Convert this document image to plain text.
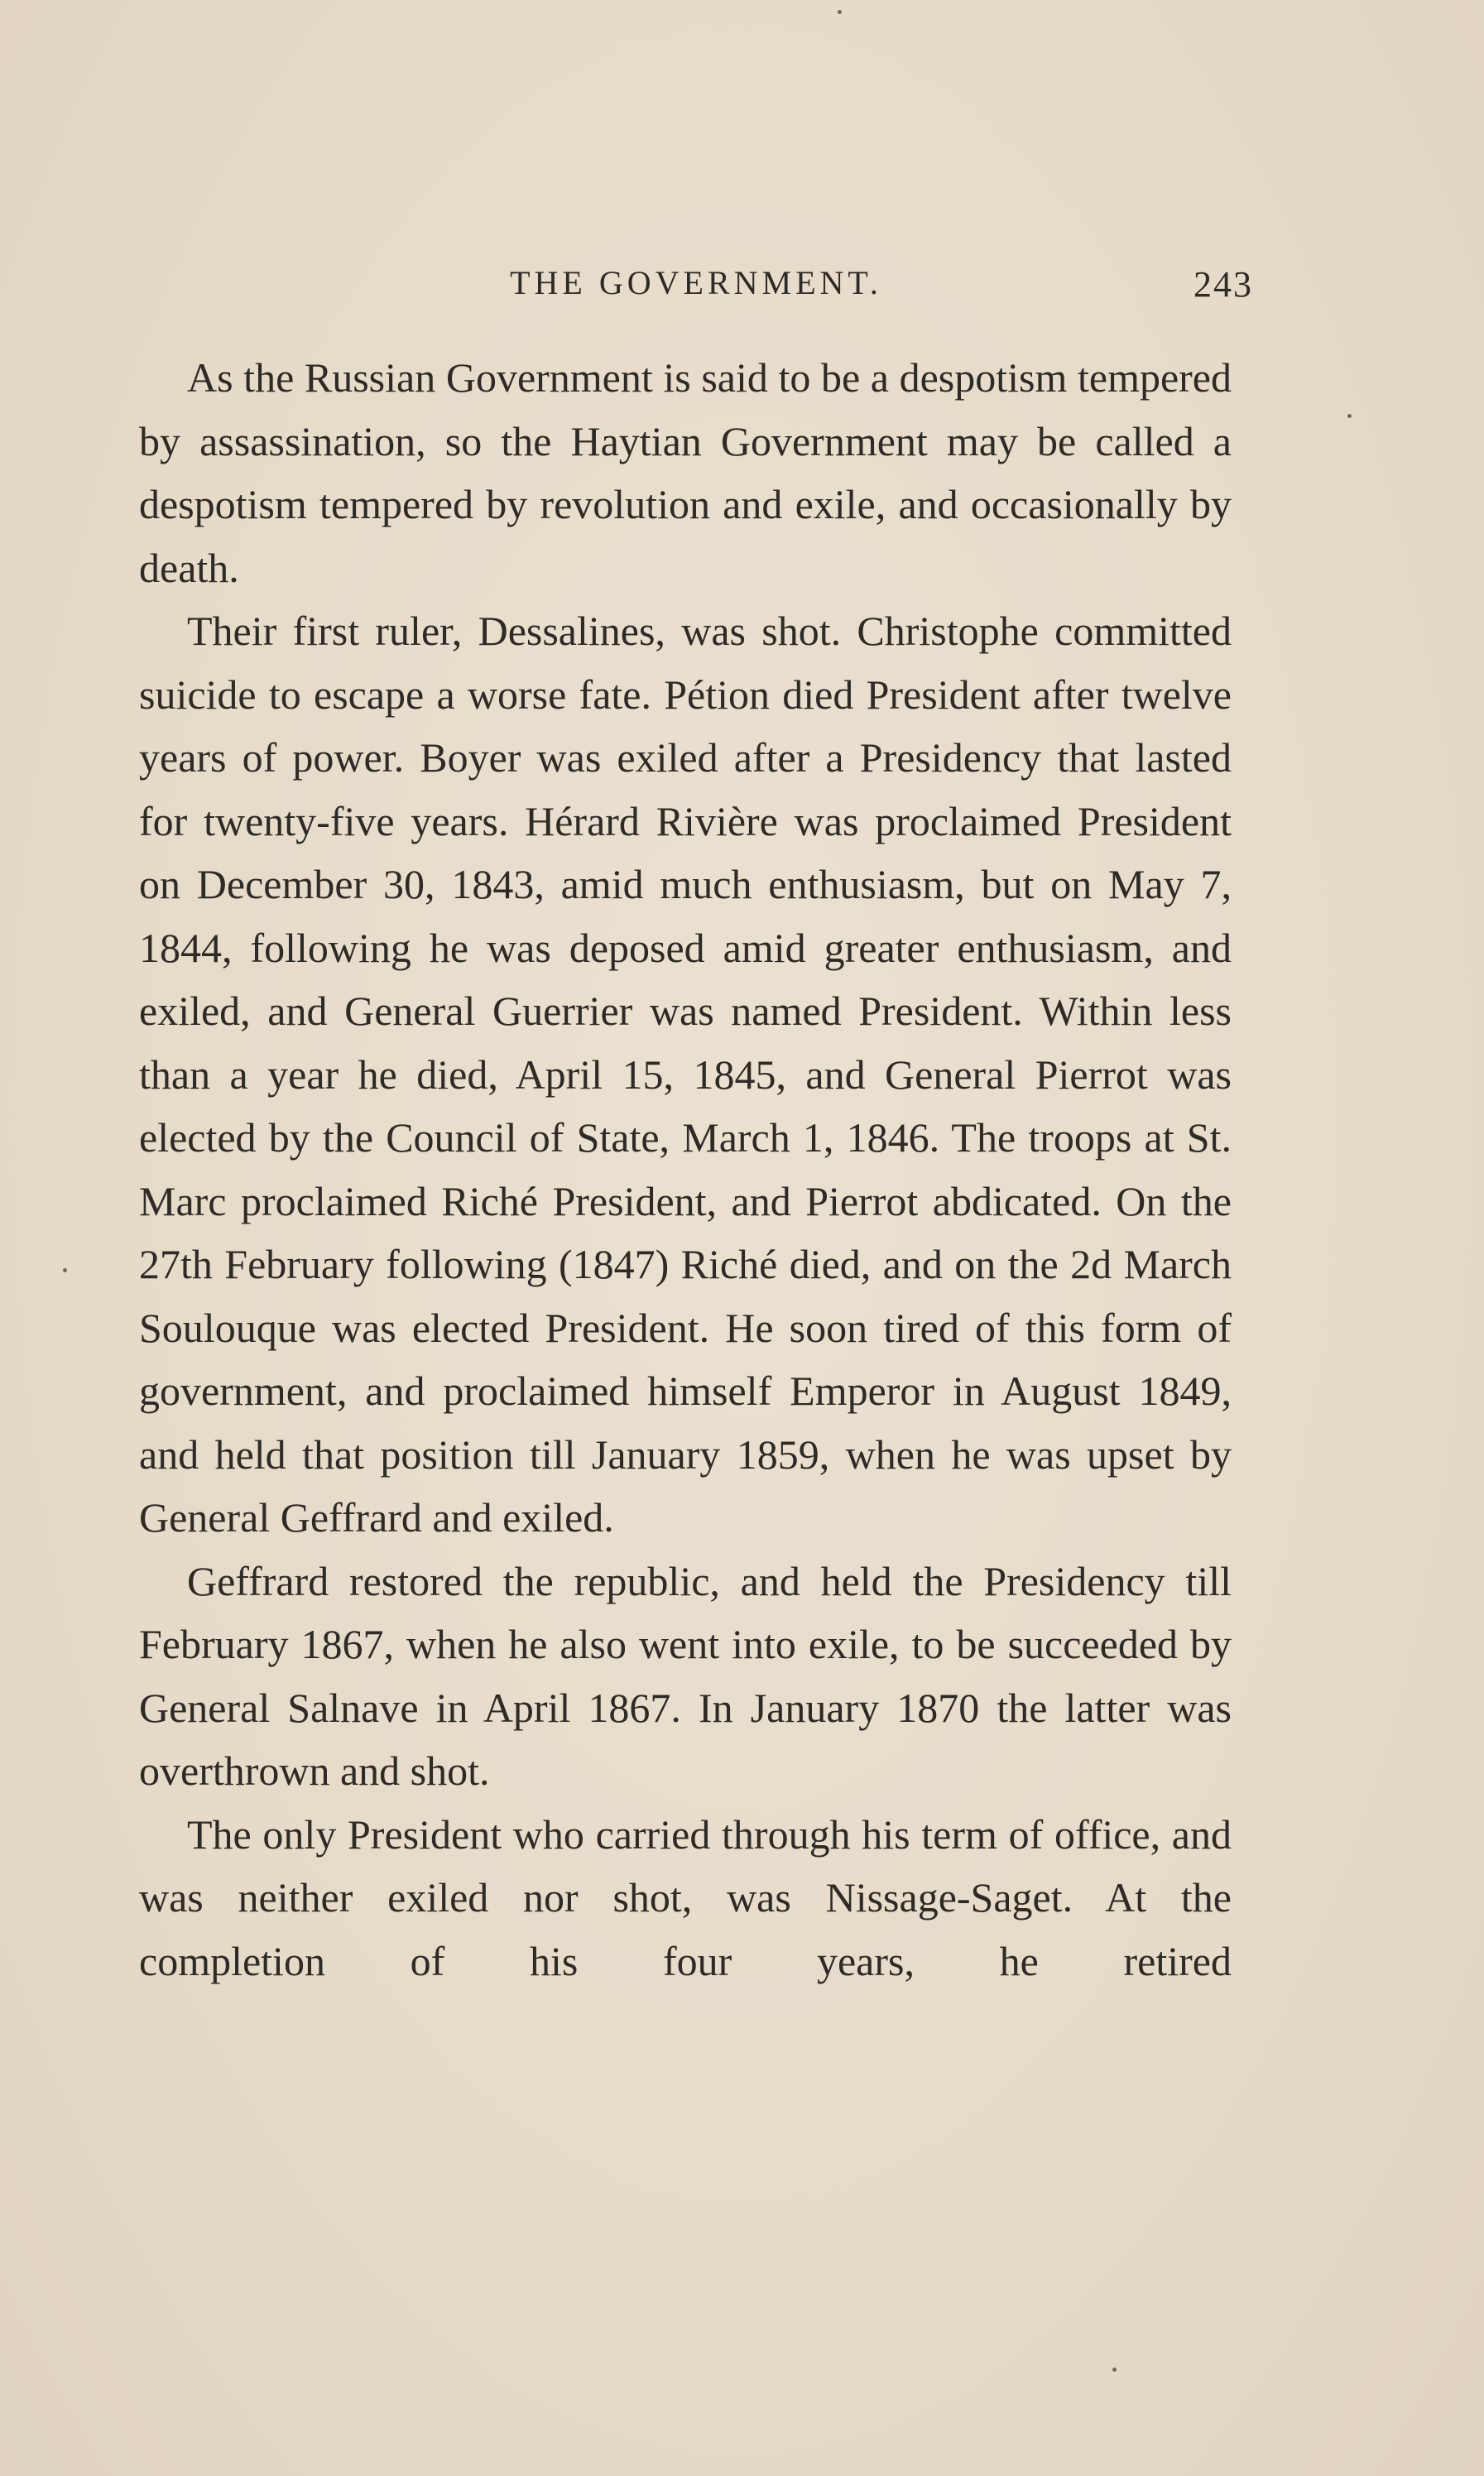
THE GOVERNMENT.	243

As the Russian Government is said to be a despotism tempered by assassination, so the Haytian Government may be called a despotism tempered by revolution and exile, and occasionally by death.

Their first ruler, Dessalines, was shot. Christophe committed suicide to escape a worse fate. Pétion died President after twelve years of power. Boyer was exiled after a Presidency that lasted for twenty-five years. Hérard Rivière was proclaimed President on December 30, 1843, amid much enthusiasm, but on May 7, 1844, following he was deposed amid greater enthusiasm, and exiled, and General Guerrier was named President. Within less than a year he died, April 15, 1845, and General Pierrot was elected by the Council of State, March 1, 1846. The troops at St. Marc proclaimed Riché President, and Pierrot abdicated. On the 27th February following (1847) Riché died, and on the 2d March Soulouque was elected President. He soon tired of this form of government, and proclaimed himself Emperor in August 1849, and held that position till January 1859, when he was upset by General Geffrard and exiled.

Geffrard restored the republic, and held the Presidency till February 1867, when he also went into exile, to be succeeded by General Salnave in April 1867. In January 1870 the latter was overthrown and shot.

The only President who carried through his term of office, and was neither exiled nor shot, was Nissage-Saget. At the completion of his four years, he retired
